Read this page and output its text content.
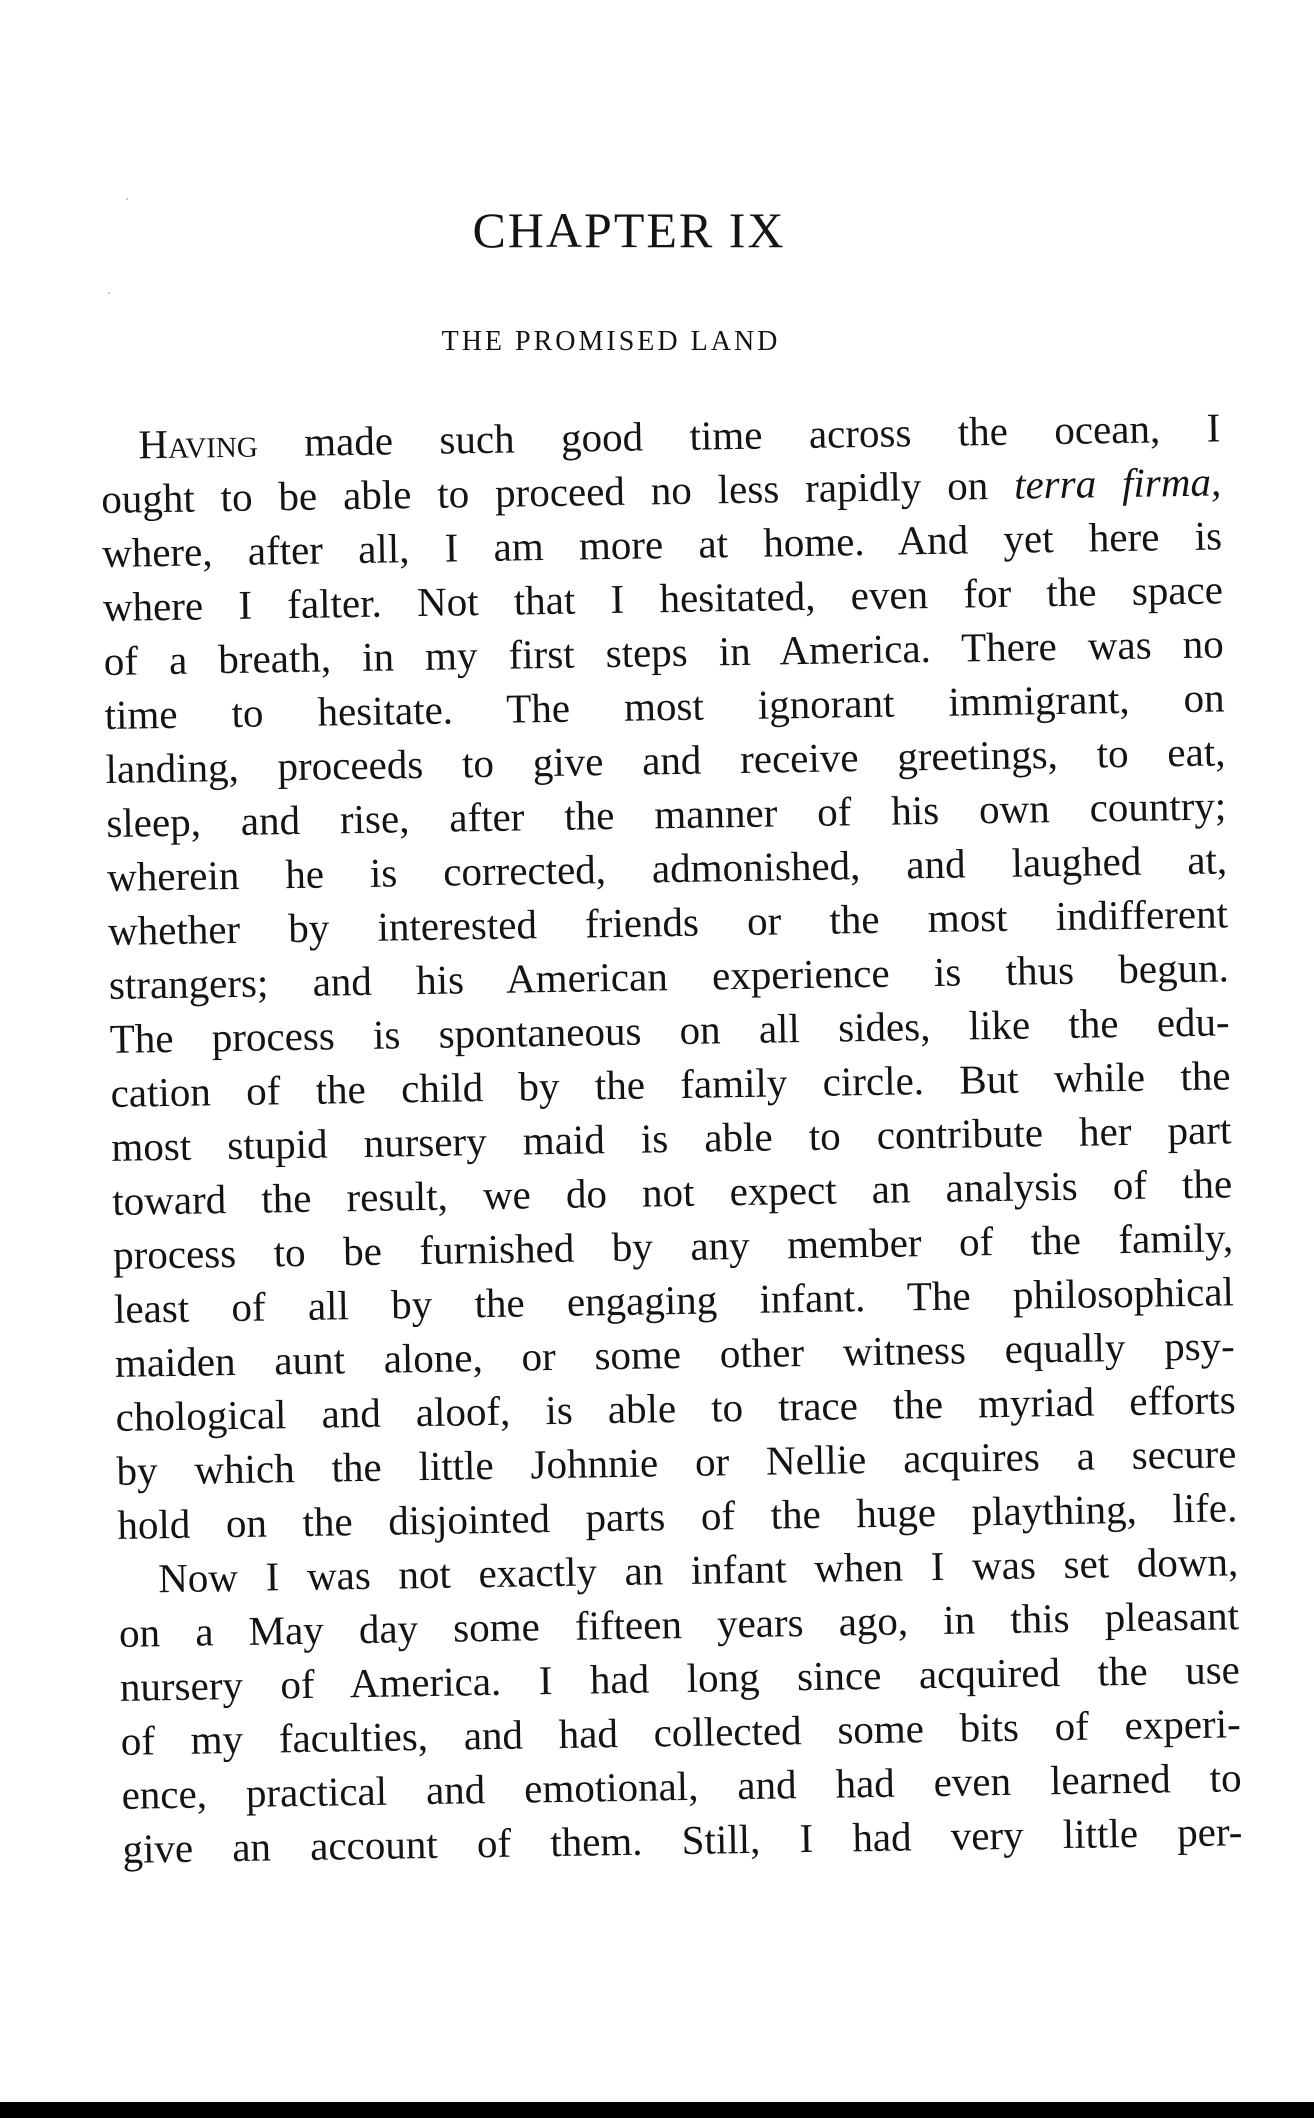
CHAPTER IX
THE PROMISED LAND
Having made such good time across the ocean, I
ought to be able to proceed no less rapidly on terra firma,
where, after all, I am more at home. And yet here is
where I falter. Not that I hesitated, even for the space
of a breath, in my first steps in America. There was no
time to hesitate. The most ignorant immigrant, on
landing, proceeds to give and receive greetings, to eat,
sleep, and rise, after the manner of his own country;
wherein he is corrected, admonished, and laughed at,
whether by interested friends or the most indifferent
strangers; and his American experience is thus begun.
The process is spontaneous on all sides, like the edu-
cation of the child by the family circle. But while the
most stupid nursery maid is able to contribute her part
toward the result, we do not expect an analysis of the
process to be furnished by any member of the family,
least of all by the engaging infant. The philosophical
maiden aunt alone, or some other witness equally psy-
chological and aloof, is able to trace the myriad efforts
by which the little Johnnie or Nellie acquires a secure
hold on the disjointed parts of the huge plaything, life.
Now I was not exactly an infant when I was set down,
on a May day some fifteen years ago, in this pleasant
nursery of America. I had long since acquired the use
of my faculties, and had collected some bits of experi-
ence, practical and emotional, and had even learned to
give an account of them. Still, I had very little per-
